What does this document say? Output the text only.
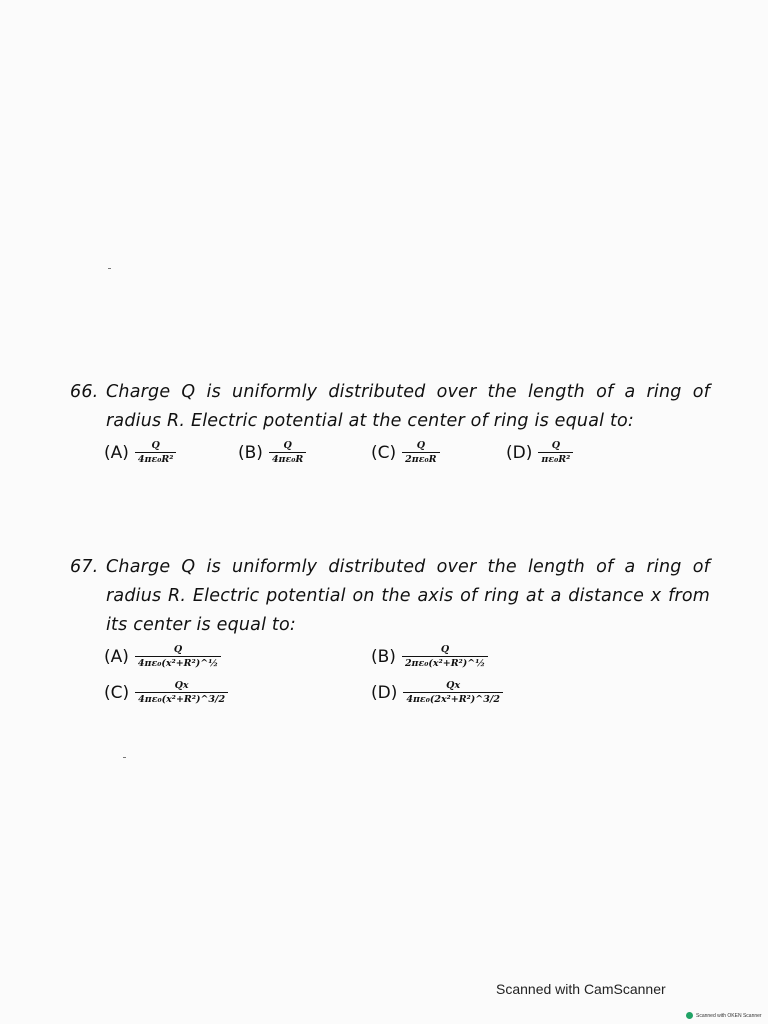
66. Charge Q is uniformly distributed over the length of a ring of
radius R. Electric potential at the center of ring is equal to:
$(A) \frac{Q}{\text{4πε₀R²}}$	$(B) \frac{Q}{\text{4πε₀R}}$	$(C) \frac{Q}{\text{2πε₀R}}$	$(D) \frac{Q}{\text{πε₀R²}}$
67. Charge Q is uniformly distributed over the length of a ring of
radius R. Electric potential on the axis of ring at a distance x from
its center is equal to:
$(A) \frac{Q}{\text{4πε₀(x²+R²)\textasciicircum{}½}}$	$(B) \frac{Q}{\text{2πε₀(x²+R²)\textasciicircum{}½}}$
$(C) \frac{Qx}{\text{4πε₀(x²+R²)\textasciicircum{}3/2}}$	$(D) \frac{Qx}{\text{4πε₀(2x²+R²)\textasciicircum{}3/2}}$
Scanned with CamScanner
Scanned with OKEN Scanner
